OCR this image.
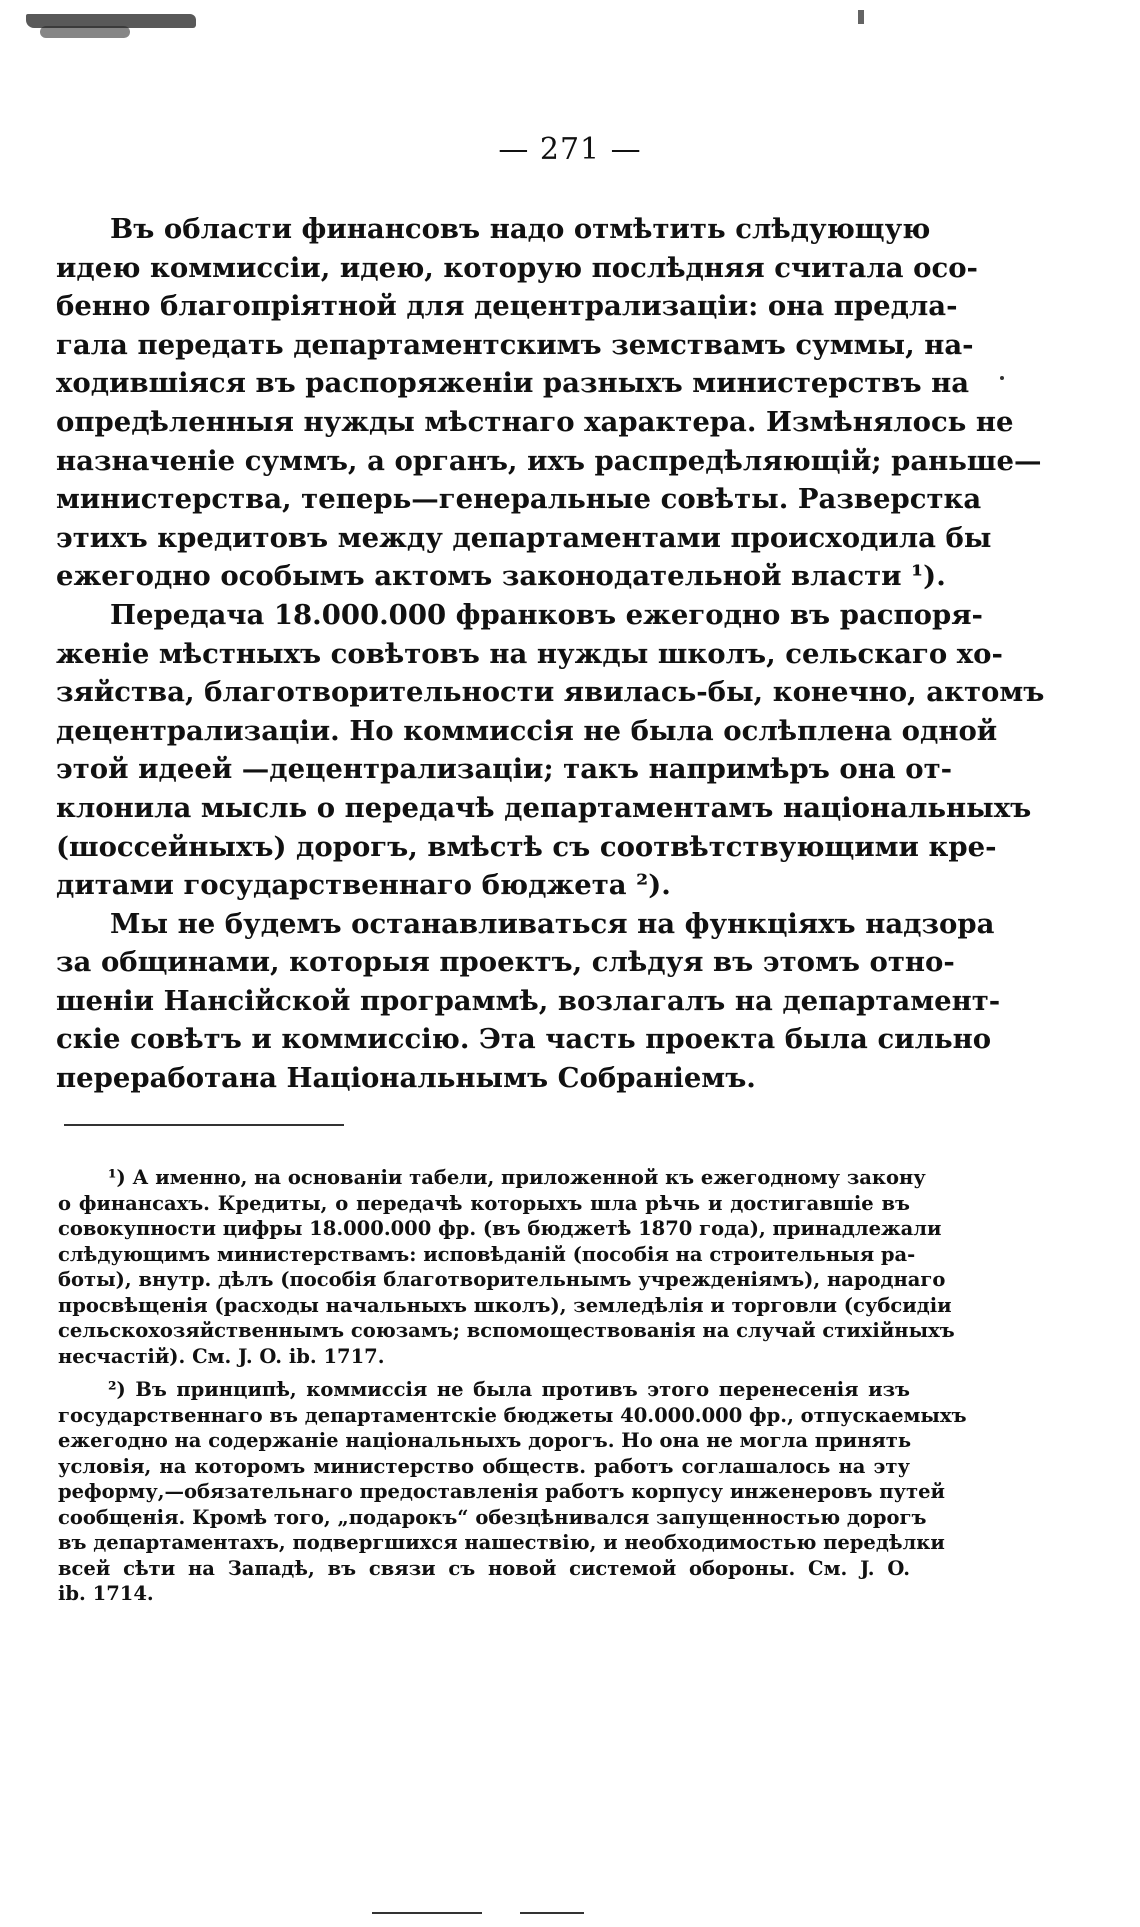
— 271 —
Въ области финансовъ надо отмѣтить слѣдующую
идею коммиссіи, идею, которую послѣдняя считала осо-
бенно благопріятной для децентрализаціи: она предла-
гала передать департаментскимъ земствамъ суммы, на-
ходившіяся въ распоряженіи разныхъ министерствъ на
опредѣленныя нужды мѣстнаго характера. Измѣнялось не
назначеніе суммъ, а органъ, ихъ распредѣляющій; раньше—
министерства, теперь—генеральные совѣты. Разверстка
этихъ кредитовъ между департаментами происходила бы
ежегодно особымъ актомъ законодательной власти ¹).
Передача 18.000.000 франковъ ежегодно въ распоря-
женіе мѣстныхъ совѣтовъ на нужды школъ, сельскаго хо-
зяйства, благотворительности явилась-бы, конечно, актомъ
децентрализаціи. Но коммиссія не была ослѣплена одной
этой идеей —децентрализаціи; такъ напримѣръ она от-
клонила мысль о передачѣ департаментамъ національныхъ
(шоссейныхъ) дорогъ, вмѣстѣ съ соотвѣтствующими кре-
дитами государственнаго бюджета ²).
Мы не будемъ останавливаться на функціяхъ надзора
за общинами, которыя проектъ, слѣдуя въ этомъ отно-
шеніи Нансійской программѣ, возлагалъ на департамент-
скіе совѣтъ и коммиссію. Эта часть проекта была сильно
переработана Національнымъ Собраніемъ.
¹) А именно, на основаніи табели, приложенной къ ежегодному закону
о финансахъ. Кредиты, о передачѣ которыхъ шла рѣчь и достигавшіе въ
совокупности цифры 18.000.000 фр. (въ бюджетѣ 1870 года), принадлежали
слѣдующимъ министерствамъ: исповѣданій (пособія на строительныя ра-
боты), внутр. дѣлъ (пособія благотворительнымъ учрежденіямъ), народнаго
просвѣщенія (расходы начальныхъ школъ), земледѣлія и торговли (субсидіи
сельскохозяйственнымъ союзамъ; вспомоществованія на случай стихійныхъ
несчастій). См. J. O. ib. 1717.
²) Въ принципѣ, коммиссія не была противъ этого перенесенія изъ
государственнаго въ департаментскіе бюджеты 40.000.000 фр., отпускаемыхъ
ежегодно на содержаніе національныхъ дорогъ. Но она не могла принять
условія, на которомъ министерство обществ. работъ соглашалось на эту
реформу,—обязательнаго предоставленія работъ корпусу инженеровъ путей
сообщенія. Кромѣ того, „подарокъ“ обезцѣнивался запущенностью дорогъ
въ департаментахъ, подвергшихся нашествію, и необходимостью передѣлки
всей сѣти на Западѣ, въ связи съ новой системой обороны. См. J. O.
ib. 1714.
